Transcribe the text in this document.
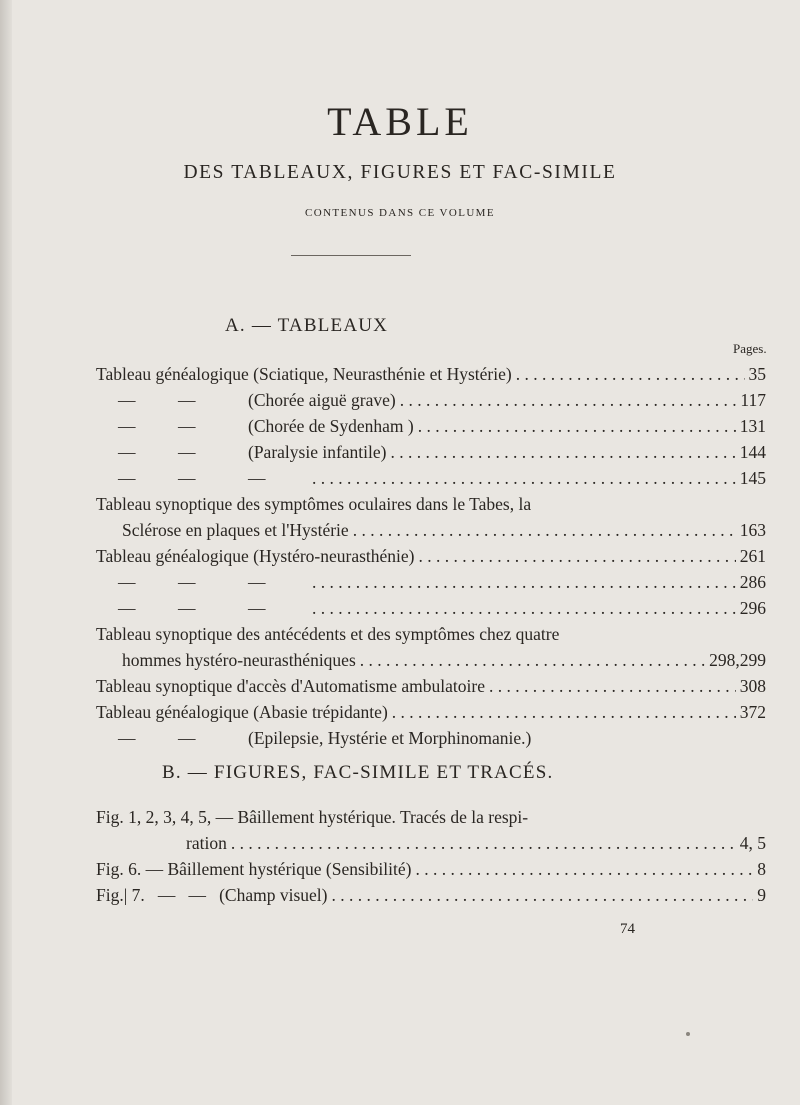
TABLE
DES TABLEAUX, FIGURES ET FAC-SIMILE
CONTENUS DANS CE VOLUME
A. — TABLEAUX
Pages.
Tableau généalogique (Sciatique, Neurasthénie et Hystérie) . . .	35
—	—	(Chorée aiguë grave) . . .	117
—	—	(Chorée de Sydenham ) . . .	131
—	—	(Paralysie infantile) . . .	144
—	—	— . . .	145
Tableau synoptique des symptômes oculaires dans le Tabes, la
Sclérose en plaques et l'Hystérie . . .	163
Tableau généalogique (Hystéro-neurasthénie) . . .	261
—	—	— . . .	286
—	—	— . . .	296
Tableau synoptique des antécédents et des symptômes chez quatre
hommes hystéro-neurasthéniques . . .	298,299
Tableau synoptique d'accès d'Automatisme ambulatoire . . .	308
Tableau généalogique (Abasie trépidante) . . .	372
—	—	(Epilepsie, Hystérie et Morphinomanie.)
B. — FIGURES, FAC-SIMILE ET TRACÉS.
Fig. 1, 2, 3, 4, 5, — Bâillement hystérique. Tracés de la respi-
ration . . .	4, 5
Fig. 6. — Bâillement hystérique (Sensibilité) . . .	8
Fig.| 7.   —   —   (Champ visuel) . . .	9
74
